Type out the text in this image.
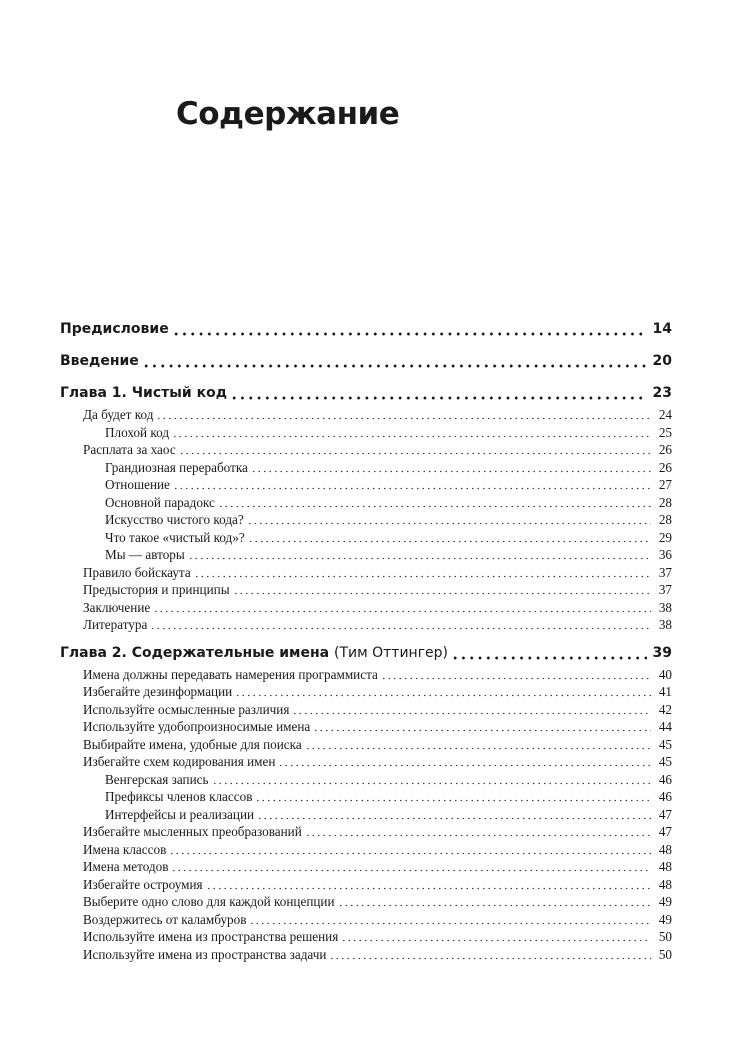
Содержание
Предисловие	14
Введение	20
Глава 1. Чистый код	23
Да будет код	24
Плохой код	25
Расплата за хаос	26
Грандиозная переработка	26
Отношение	27
Основной парадокс	28
Искусство чистого кода?	28
Что такое «чистый код»?	29
Мы — авторы	36
Правило бойскаута	37
Предыстория и принципы	37
Заключение	38
Литература	38
Глава 2. Содержательные имена (Тим Оттингер)	39
Имена должны передавать намерения программиста	40
Избегайте дезинформации	41
Используйте осмысленные различия	42
Используйте удобопроизносимые имена	44
Выбирайте имена, удобные для поиска	45
Избегайте схем кодирования имен	45
Венгерская запись	46
Префиксы членов классов	46
Интерфейсы и реализации	47
Избегайте мысленных преобразований	47
Имена классов	48
Имена методов	48
Избегайте остроумия	48
Выберите одно слово для каждой концепции	49
Воздержитесь от каламбуров	49
Используйте имена из пространства решения	50
Используйте имена из пространства задачи	50
